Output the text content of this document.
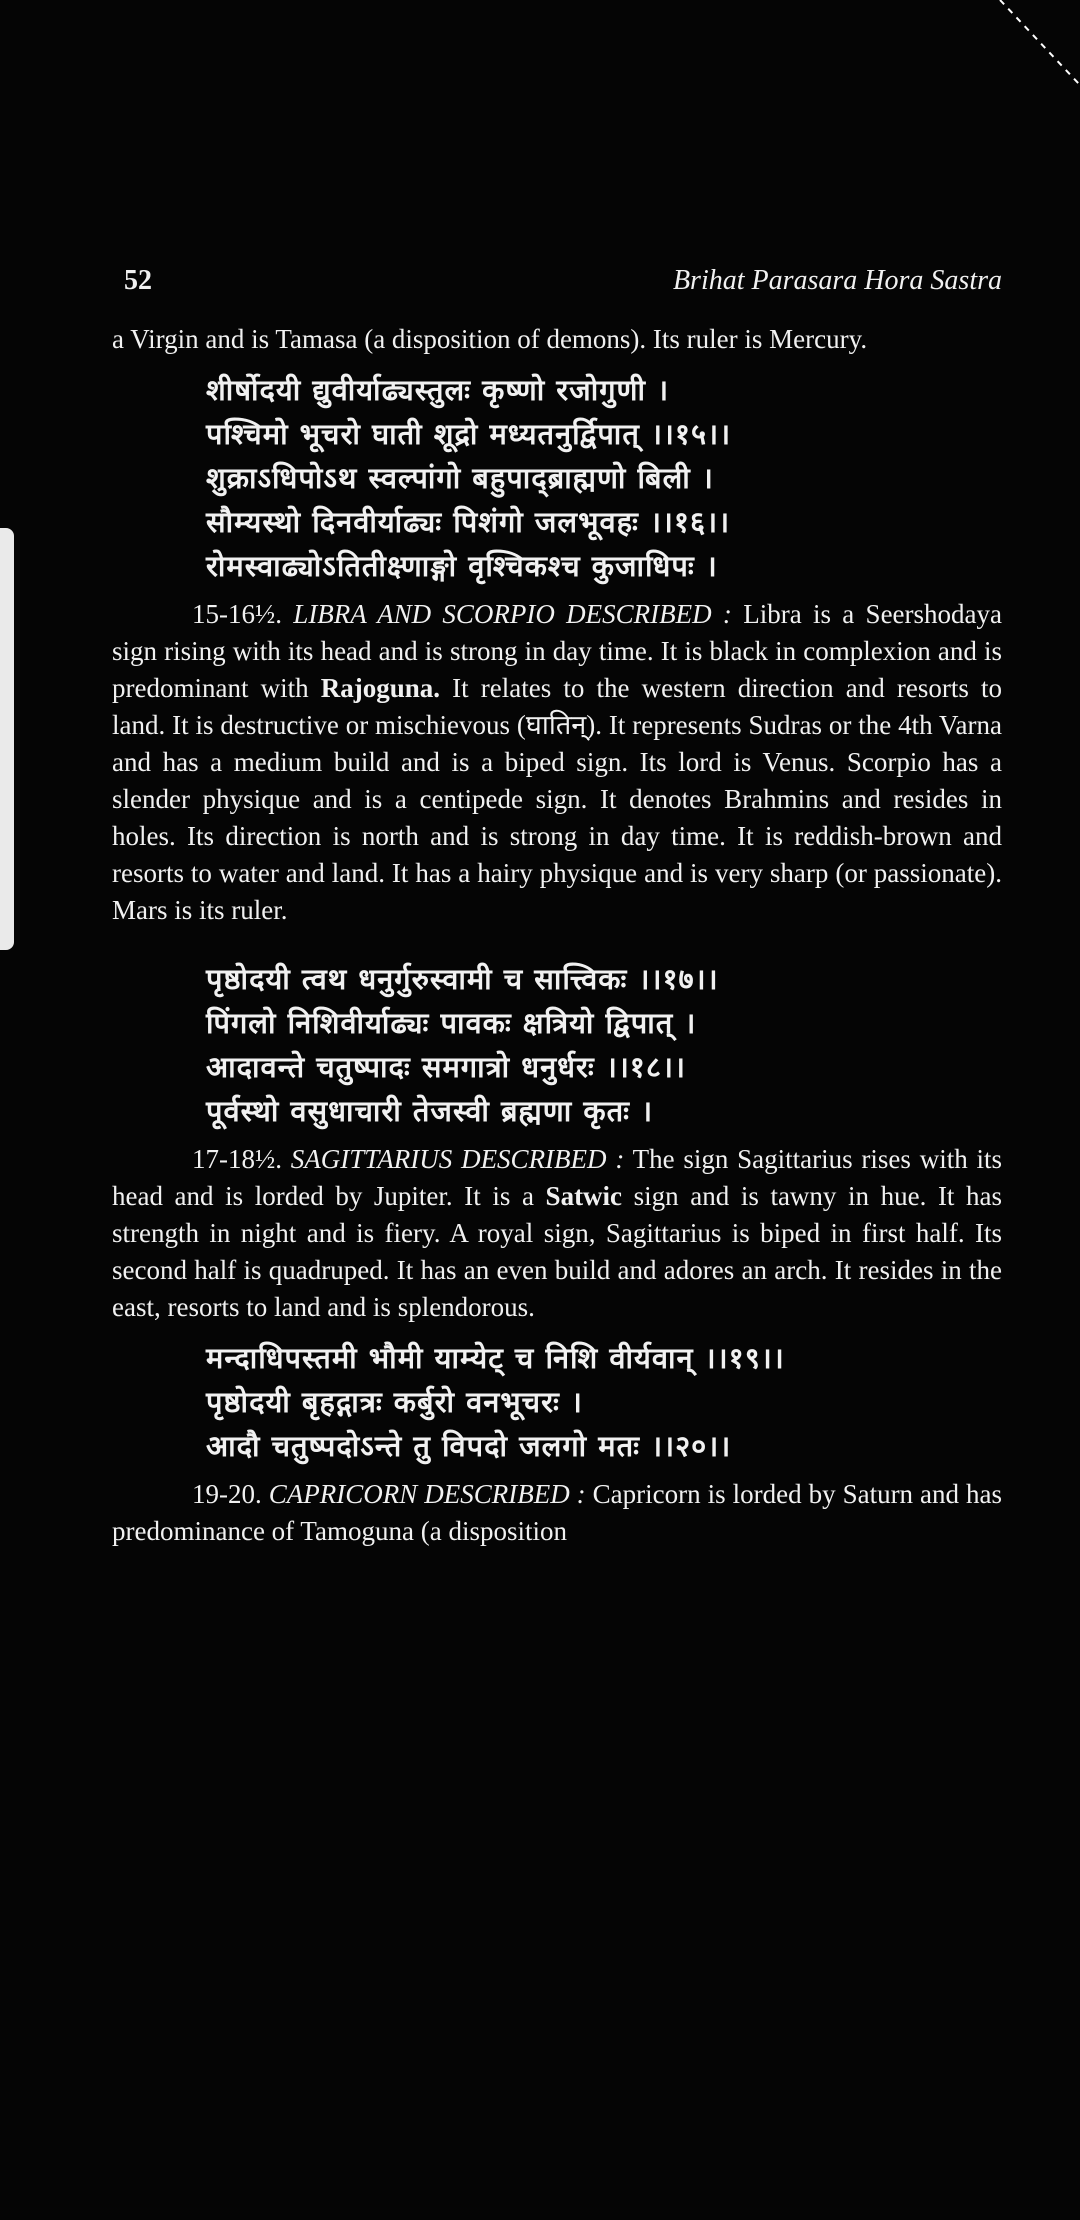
52	Brihat Parasara Hora Sastra

a Virgin and is Tamasa (a disposition of demons). Its ruler is Mercury.

शीर्षोदयी द्युवीर्याढ्यस्तुलः कृष्णो रजोगुणी ।
पश्चिमो भूचरो घाती शूद्रो मध्यतनुर्द्विपात् ।।१५।।
शुक्राऽधिपोऽथ स्वल्पांगो बहुपाद्ब्राह्मणो बिली ।
सौम्यस्थो दिनवीर्याढ्यः पिशंगो जलभूवहः ।।१६।।
रोमस्वाढ्योऽतितीक्ष्णाङ्गो वृश्चिकश्च कुजाधिपः ।

15-16½. LIBRA AND SCORPIO DESCRIBED : Libra is a Seershodaya sign rising with its head and is strong in day time. It is black in complexion and is predominant with Rajoguna. It relates to the western direction and resorts to land. It is destructive or mischievous (घातिन्). It represents Sudras or the 4th Varna and has a medium build and is a biped sign. Its lord is Venus. Scorpio has a slender physique and is a centipede sign. It denotes Brahmins and resides in holes. Its direction is north and is strong in day time. It is reddish-brown and resorts to water and land. It has a hairy physique and is very sharp (or passionate). Mars is its ruler.

पृष्ठोदयी त्वथ धनुर्गुरुस्वामी च सात्त्विकः ।।१७।।
पिंगलो निशिवीर्याढ्यः पावकः क्षत्रियो द्विपात् ।
आदावन्ते चतुष्पादः समगात्रो धनुर्धरः ।।१८।।
पूर्वस्थो वसुधाचारी तेजस्वी ब्रह्मणा कृतः ।

17-18½. SAGITTARIUS DESCRIBED : The sign Sagittarius rises with its head and is lorded by Jupiter. It is a Satwic sign and is tawny in hue. It has strength in night and is fiery. A royal sign, Sagittarius is biped in first half. Its second half is quadruped. It has an even build and adores an arch. It resides in the east, resorts to land and is splendorous.

मन्दाधिपस्तमी भौमी याम्येट् च निशि वीर्यवान् ।।१९।।
पृष्ठोदयी बृहद्गात्रः कर्बुरो वनभूचरः ।
आदौ चतुष्पदोऽन्ते तु विपदो जलगो मतः ।।२०।।

19-20. CAPRICORN DESCRIBED : Capricorn is lorded by Saturn and has predominance of Tamoguna (a disposition
